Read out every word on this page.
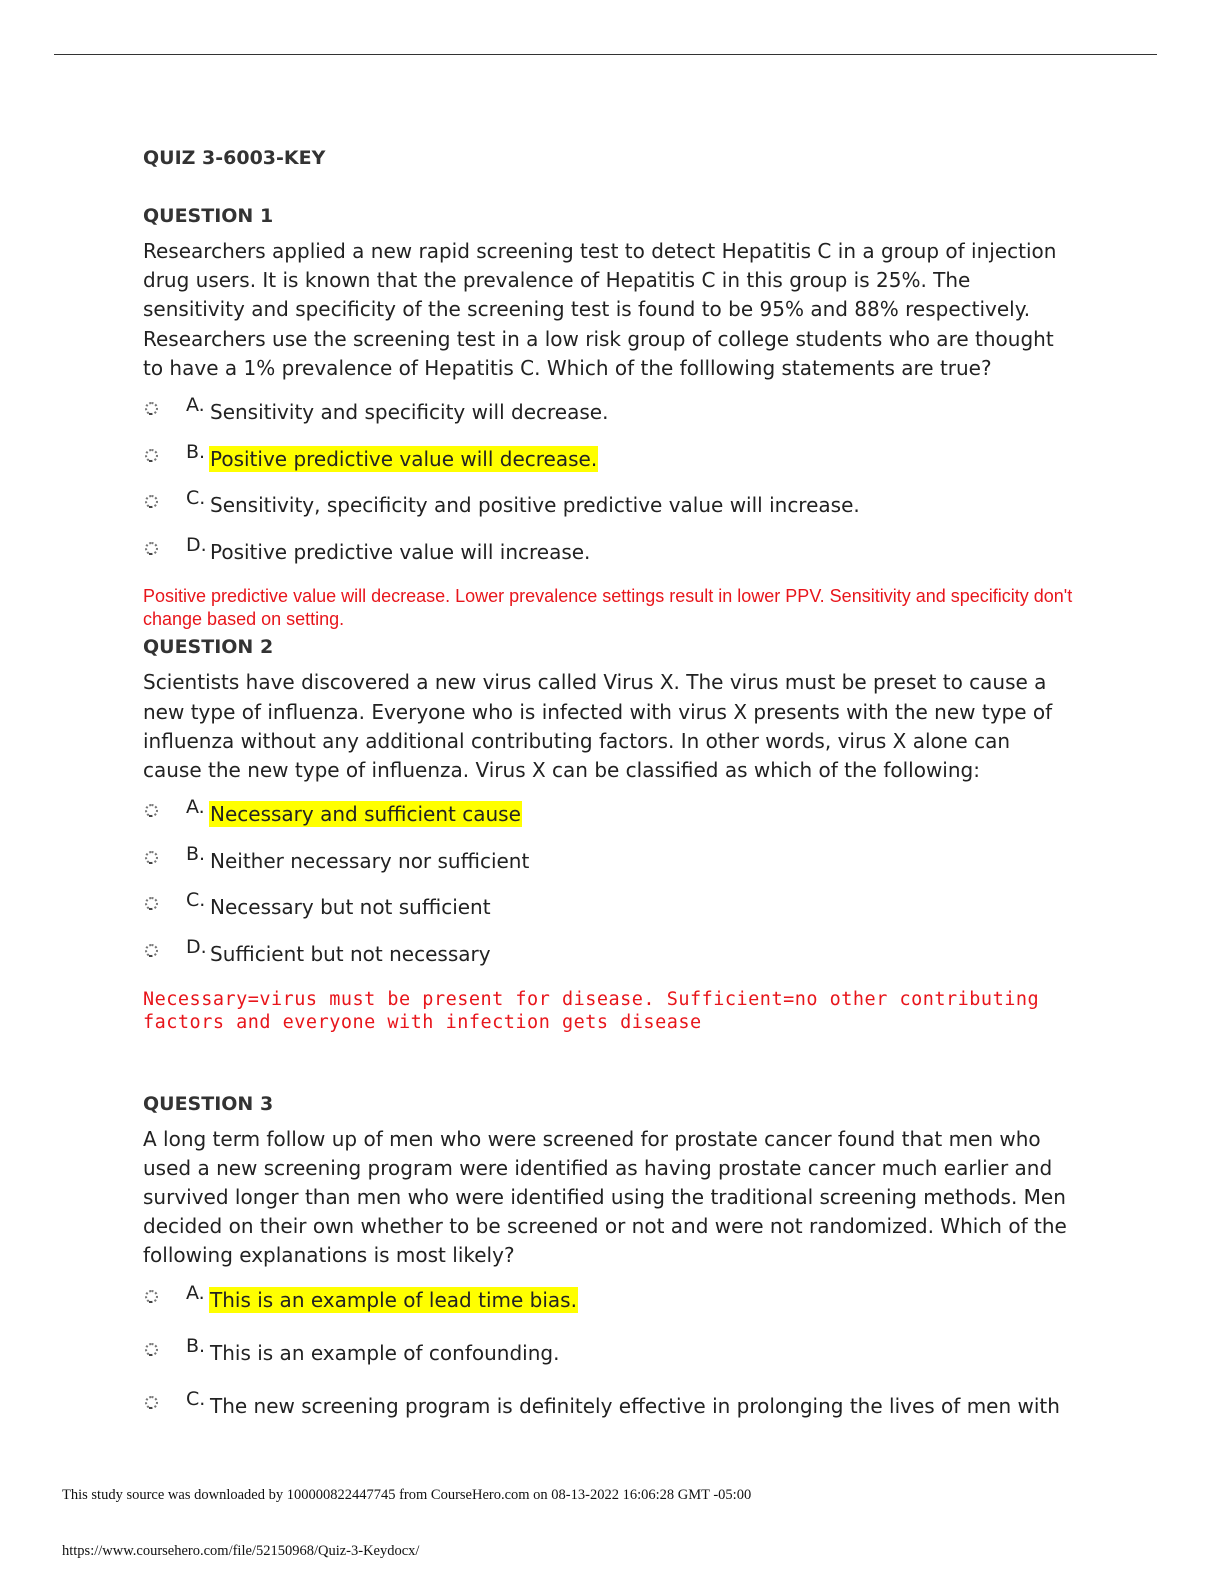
QUIZ 3-6003-KEY
QUESTION 1

Researchers applied a new rapid screening test to detect Hepatitis C in a group of injection drug users. It is known that the prevalence of Hepatitis C in this group is 25%. The sensitivity and specificity of the screening test is found to be 95% and 88% respectively. Researchers use the screening test in a low risk group of college students who are thought to have a 1% prevalence of Hepatitis C. Which of the folllowing statements are true?

A. Sensitivity and specificity will decrease.
B. Positive predictive value will decrease.
C. Sensitivity, specificity and positive predictive value will increase.
D. Positive predictive value will increase.
Positive predictive value will decrease. Lower prevalence settings result in lower PPV. Sensitivity and specificity don't change based on setting.
QUESTION 2

Scientists have discovered a new virus called Virus X. The virus must be preset to cause a new type of influenza. Everyone who is infected with virus X presents with the new type of influenza without any additional contributing factors. In other words, virus X alone can cause the new type of influenza. Virus X can be classified as which of the following:

A. Necessary and sufficient cause
B. Neither necessary nor sufficient
C. Necessary but not sufficient
D. Sufficient but not necessary
Necessary=virus must be present for disease. Sufficient=no other contributing factors and everyone with infection gets disease
QUESTION 3

A long term follow up of men who were screened for prostate cancer found that men who used a new screening program were identified as having prostate cancer much earlier and survived longer than men who were identified using the traditional screening methods. Men decided on their own whether to be screened or not and were not randomized. Which of the following explanations is most likely?

A. This is an example of lead time bias.
B. This is an example of confounding.
C. The new screening program is definitely effective in prolonging the lives of men with
This study source was downloaded by 100000822447745 from CourseHero.com on 08-13-2022 16:06:28 GMT -05:00
https://www.coursehero.com/file/52150968/Quiz-3-Keydocx/
